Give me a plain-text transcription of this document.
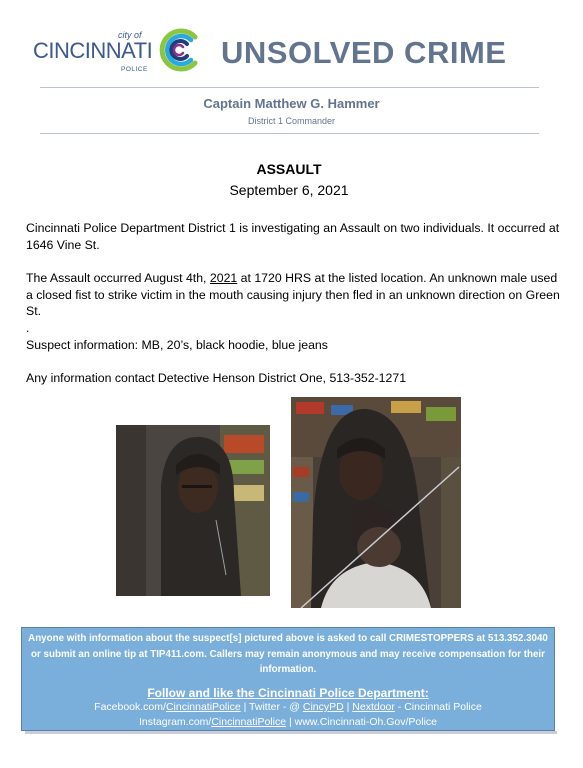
city of
CINCINNATI
POLICE UNSOLVED CRIME
Captain Matthew G. Hammer
District 1 Commander
ASSAULT
September 6, 2021
Cincinnati Police Department District 1 is investigating an Assault on two individuals. It occurred at 1646 Vine St.
The Assault occurred August 4th, 2021 at 1720 HRS at the listed location. An unknown male used a closed fist to strike victim in the mouth causing injury then fled in an unknown direction on Green St.
.
Suspect information: MB, 20’s, black hoodie, blue jeans
Any information contact Detective Henson District One, 513-352-1271
Anyone with information about the suspect[s] pictured above is asked to call CRIMESTOPPERS at 513.352.3040 or submit an online tip at TIP411.com. Callers may remain anonymous and may receive compensation for their information.
Follow and like the Cincinnati Police Department:
Facebook.com/CincinnatiPolice | Twitter - @ CincyPD | Nextdoor - Cincinnati Police
Instagram.com/CincinnatiPolice | www.Cincinnati-Oh.Gov/Police
